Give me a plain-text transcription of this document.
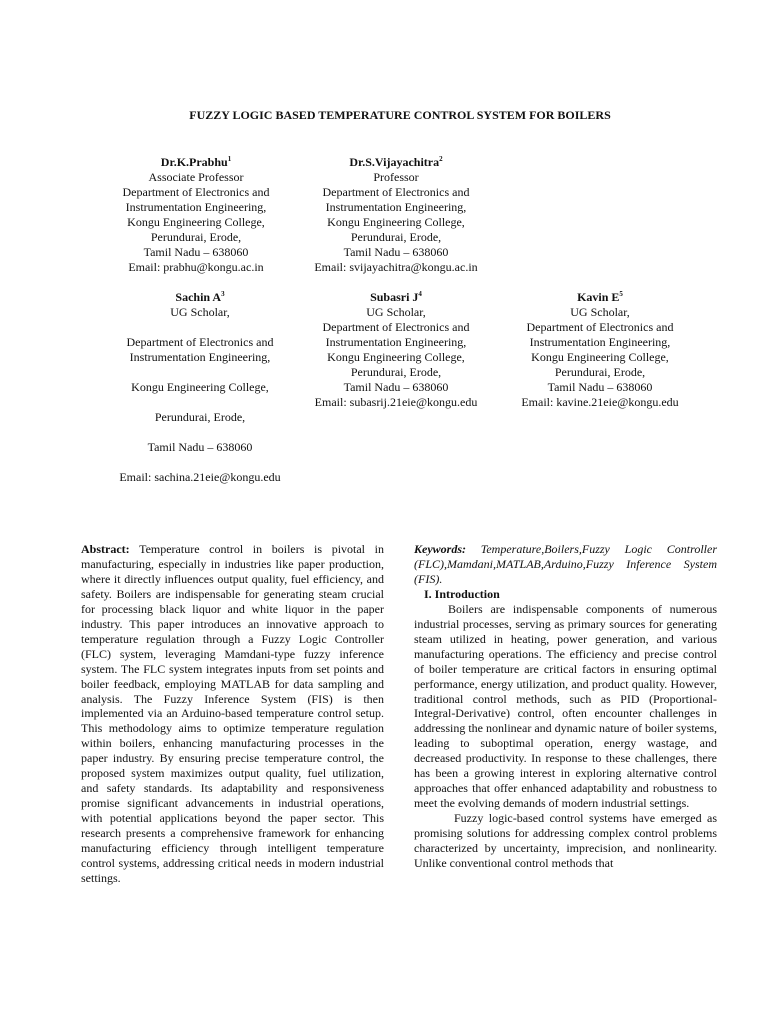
FUZZY LOGIC BASED TEMPERATURE CONTROL SYSTEM FOR BOILERS
Dr.K.Prabhu$^1$
Associate Professor
Department of Electronics and
Instrumentation Engineering,
Kongu Engineering College,
Perundurai, Erode,
Tamil Nadu – 638060
Email: prabhu@kongu.ac.in
Dr.S.Vijayachitra$^2$
Professor
Department of Electronics and
Instrumentation Engineering,
Kongu Engineering College,
Perundurai, Erode,
Tamil Nadu – 638060
Email: svijayachitra@kongu.ac.in
Sachin $A^3$
UG Scholar,
Department of Electronics and
Instrumentation Engineering,
Kongu Engineering College,
Perundurai, Erode,
Tamil Nadu – 638060
Email: sachina.21eie@kongu.edu
Subasri $J^4$
UG Scholar,
Department of Electronics and
Instrumentation Engineering,
Kongu Engineering College,
Perundurai, Erode,
Tamil Nadu – 638060
Email: subasrij.21eie@kongu.edu
Kavin $E^5$
UG Scholar,
Department of Electronics and
Instrumentation Engineering,
Kongu Engineering College,
Perundurai, Erode,
Tamil Nadu – 638060
Email: kavine.21eie@kongu.edu

Abstract: Temperature control in boilers is pivotal in manufacturing, especially in industries like paper production, where it directly influences output quality, fuel efficiency, and safety. Boilers are indispensable for generating steam crucial for processing black liquor and white liquor in the paper industry. This paper introduces an innovative approach to temperature regulation through a Fuzzy Logic Controller (FLC) system, leveraging Mamdani-type fuzzy inference system. The FLC system integrates inputs from set points and boiler feedback, employing MATLAB for data sampling and analysis. The Fuzzy Inference System (FIS) is then implemented via an Arduino-based temperature control setup. This methodology aims to optimize temperature regulation within boilers, enhancing manufacturing processes in the paper industry. By ensuring precise temperature control, the proposed system maximizes output quality, fuel utilization, and safety standards. Its adaptability and responsiveness promise significant advancements in industrial operations, with potential applications beyond the paper sector. This research presents a comprehensive framework for enhancing manufacturing efficiency through intelligent temperature control systems, addressing critical needs in modern industrial settings.

Keywords: Temperature,Boilers,Fuzzy Logic Controller (FLC),Mamdani,MATLAB,Arduino,Fuzzy Inference System (FIS).

I. Introduction

Boilers are indispensable components of numerous industrial processes, serving as primary sources for generating steam utilized in heating, power generation, and various manufacturing operations. The efficiency and precise control of boiler temperature are critical factors in ensuring optimal performance, energy utilization, and product quality. However, traditional control methods, such as PID (Proportional-Integral-Derivative) control, often encounter challenges in addressing the nonlinear and dynamic nature of boiler systems, leading to suboptimal operation, energy wastage, and decreased productivity. In response to these challenges, there has been a growing interest in exploring alternative control approaches that offer enhanced adaptability and robustness to meet the evolving demands of modern industrial settings.

Fuzzy logic-based control systems have emerged as promising solutions for addressing complex control problems characterized by uncertainty, imprecision, and nonlinearity. Unlike conventional control methods that
